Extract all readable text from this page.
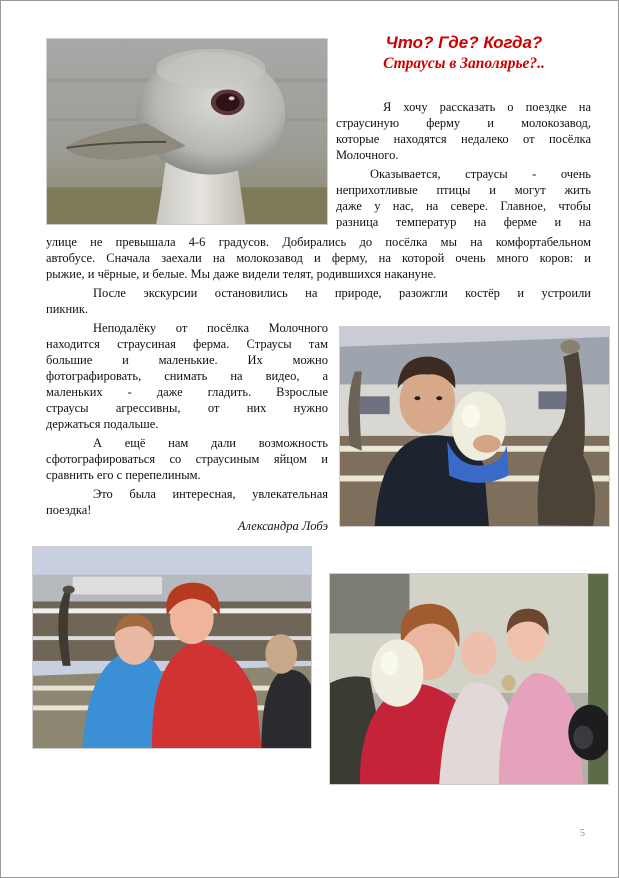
Что? Где? Когда?
Страусы в Заполярье?..
Я хочу рассказать о поездке на
страусиную ферму и молокозавод,
которые находятся недалеко от посёлка
Молочного.
Оказывается, страусы - очень
неприхотливые птицы и могут жить
даже у нас, на севере. Главное, чтобы
разница температур на ферме и на
улице не превышала 4-6 градусов. Добирались до посёлка мы на комфортабельном
автобусе. Сначала заехали на молокозавод и ферму, на которой очень много коров: и
рыжие, и чёрные, и белые. Мы даже видели телят, родившихся накануне.
После экскурсии остановились на природе, разожгли костёр и устроили
пикник.
Неподалёку от посёлка Молочного
находится страусиная ферма. Страусы там
большие и маленькие. Их можно
фотографировать, снимать на видео, а
маленьких - даже гладить. Взрослые
страусы агрессивны, от них нужно
держаться подальше.
А ещё нам дали возможность
сфотографироваться со страусиным яйцом и
сравнить его с перепелиным.
Это была интересная, увлекательная
поездка!
Александра Лобэ
5
